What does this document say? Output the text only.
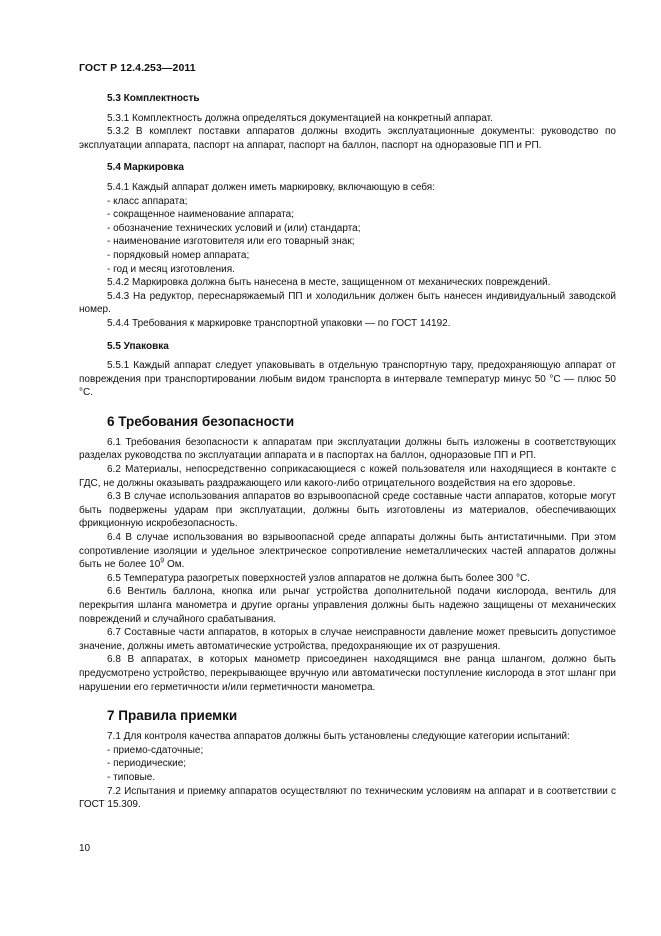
ГОСТ Р 12.4.253—2011
5.3 Комплектность

5.3.1 Комплектность должна определяться документацией на конкретный аппарат.

5.3.2 В комплект поставки аппаратов должны входить эксплуатационные документы: руководство по эксплуатации аппарата, паспорт на аппарат, паспорт на баллон, паспорт на одноразовые ПП и РП.

5.4 Маркировка

5.4.1 Каждый аппарат должен иметь маркировку, включающую в себя:

- класс аппарата;

- сокращенное наименование аппарата;

- обозначение технических условий и (или) стандарта;

- наименование изготовителя или его товарный знак;

- порядковый номер аппарата;

- год и месяц изготовления.

5.4.2 Маркировка должна быть нанесена в месте, защищенном от механических повреждений.

5.4.3 На редуктор, переснаряжаемый ПП и холодильник должен быть нанесен индивидуальный заводской номер.

5.4.4 Требования к маркировке транспортной упаковки — по ГОСТ 14192.

5.5 Упаковка

5.5.1 Каждый аппарат следует упаковывать в отдельную транспортную тару, предохраняющую аппарат от повреждения при транспортировании любым видом транспорта в интервале температур минус 50 °С — плюс 50 °С.

6 Требования безопасности

6.1 Требования безопасности к аппаратам при эксплуатации должны быть изложены в соответствующих разделах руководства по эксплуатации аппарата и в паспортах на баллон, одноразовые ПП и РП.

6.2 Материалы, непосредственно соприкасающиеся с кожей пользователя или находящиеся в контакте с ГДС, не должны оказывать раздражающего или какого-либо отрицательного воздействия на его здоровье.

6.3 В случае использования аппаратов во взрывоопасной среде составные части аппаратов, которые могут быть подвержены ударам при эксплуатации, должны быть изготовлены из материалов, обеспечивающих фрикционную искробезопасность.

6.4 В случае использования во взрывоопасной среде аппараты должны быть антистатичными. При этом сопротивление изоляции и удельное электрическое сопротивление неметаллических частей аппаратов должны быть не более $10^9$ Ом.

6.5 Температура разогретых поверхностей узлов аппаратов не должна быть более 300 °С.

6.6 Вентиль баллона, кнопка или рычаг устройства дополнительной подачи кислорода, вентиль для перекрытия шланга манометра и другие органы управления должны быть надежно защищены от механических повреждений и случайного срабатывания.

6.7 Составные части аппаратов, в которых в случае неисправности давление может превысить допустимое значение, должны иметь автоматические устройства, предохраняющие их от разрушения.

6.8 В аппаратах, в которых манометр присоединен находящимся вне ранца шлангом, должно быть предусмотрено устройство, перекрывающее вручную или автоматически поступление кислорода в этот шланг при нарушении его герметичности и/или герметичности манометра.

7 Правила приемки

7.1 Для контроля качества аппаратов должны быть установлены следующие категории испытаний:

- приемо-сдаточные;

- периодические;

- типовые.

7.2 Испытания и приемку аппаратов осуществляют по техническим условиям на аппарат и в соответствии с ГОСТ 15.309.

10
